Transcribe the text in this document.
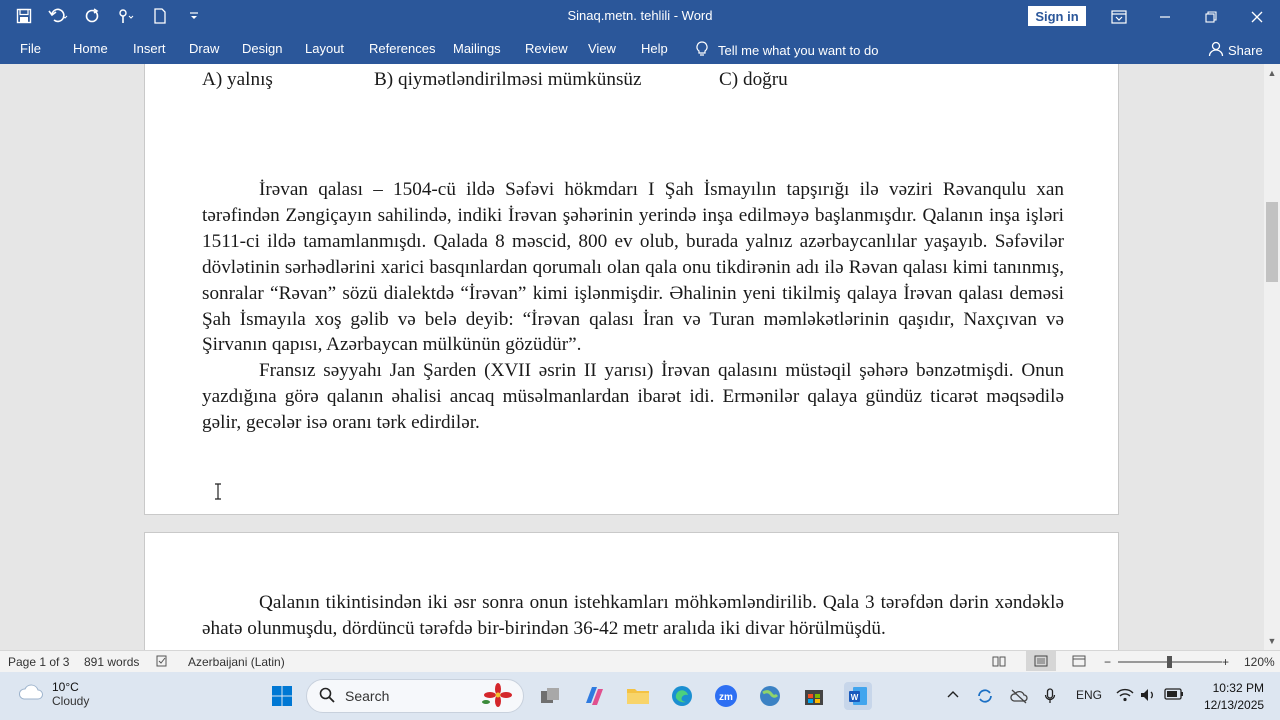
Sinaq.metn. tehlili - Word	Sign in
File Home Insert Draw Design Layout References Mailings Review View Help	Tell me what you want to do	Share
A) yalnış	B) qiymətləndirilməsi mümkünsüz	C) doğru

İrəvan qalası – 1504-cü ildə Səfəvi hökmdarı I Şah İsmayılın tapşırığı ilə vəziri Rəvanqulu xan tərəfindən Zəngiçayın sahilində, indiki İrəvan şəhərinin yerində inşa edilməyə başlanmışdır. Qalanın inşa işləri 1511-ci ildə tamamlanmışdı. Qalada 8 məscid, 800 ev olub, burada yalnız azərbaycanlılar yaşayıb. Səfəvilər dövlətinin sərhədlərini xarici basqınlardan qorumalı olan qala onu tikdirənin adı ilə Rəvan qalası kimi tanınmış, sonralar “Rəvan” sözü dialektdə “İrəvan” kimi işlənmişdir. Əhalinin yeni tikilmiş qalaya İrəvan qalası deməsi Şah İsmayıla xoş gəlib və belə deyib: “İrəvan qalası İran və Turan məmləkətlərinin qaşıdır, Naxçıvan və Şirvanın qapısı, Azərbaycan mülkünün gözüdür”.

Fransız səyyahı Jan Şarden (XVII əsrin II yarısı) İrəvan qalasını müstəqil şəhərə bənzətmişdi. Onun yazdığına görə qalanın əhalisi ancaq müsəlmanlardan ibarət idi. Ermənilər qalaya gündüz ticarət məqsədilə gəlir, gecələr isə oranı tərk edirdilər.

Qalanın tikintisindən iki əsr sonra onun istehkamları möhkəmləndirilib. Qala 3 tərəfdən dərin xəndəklə əhatə olunmuşdu, dördüncü tərəfdə bir-birindən 36-42 metr aralıda iki divar hörülmüşdü.

▲
▼
Page 1 of 3 891 words	Azerbaijani (Latin)	−	+ 120%
10°C
Cloudy	Search	zm	W	ENG	10:32 PM
12/13/2025
